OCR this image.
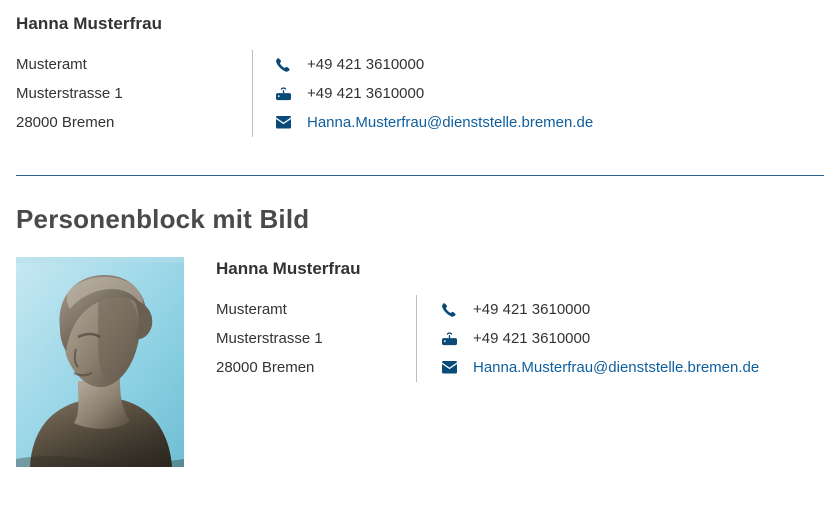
Hanna Musterfrau
Musteramt
Musterstrasse 1
28000 Bremen
+49 421 3610000
+49 421 3610000
Hanna.Musterfrau@dienststelle.bremen.de
Personenblock mit Bild
Hanna Musterfrau
Musteramt
Musterstrasse 1
28000 Bremen
+49 421 3610000
+49 421 3610000
Hanna.Musterfrau@dienststelle.bremen.de
